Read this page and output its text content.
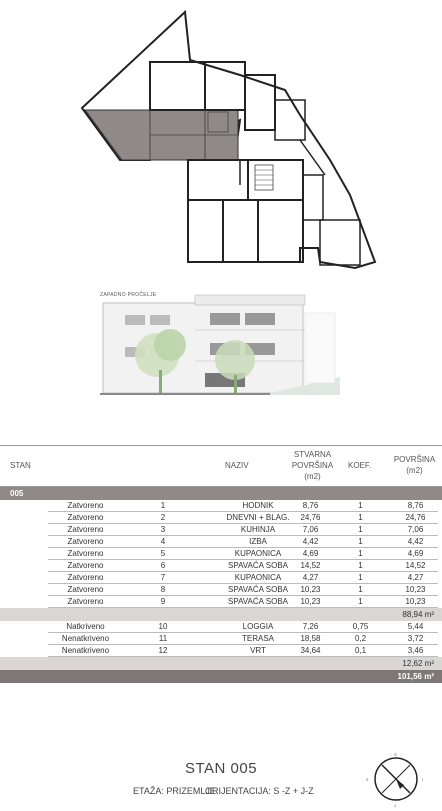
ZAPADNO PROČELJE
STAN	NAZIV
STVARNA
POVRŠINA
(m2)
KOEF.
POVRŠINA
(m2)
005
Zatvoreno	1	HODNIK	8,76	1	8,76
Zatvoreno	2	DNEVNI + BLAG.	24,76	1	24,76
Zatvoreno	3	KUHINJA	7,06	1	7,06
Zatvoreno	4	IZBA	4,42	1	4,42
Zatvoreno	5	KUPAONICA	4,69	1	4,69
Zatvoreno	6	SPAVAĆA SOBA	14,52	1	14,52
Zatvoreno	7	KUPAONICA	4,27	1	4,27
Zatvoreno	8	SPAVAĆA SOBA	10,23	1	10,23
Zatvoreno	9	SPAVAĆA SOBA	10,23	1	10,23
88,94 m²
Natkriveno	10	LOGGIA	7,26	0,75	5,44
Nenatkriveno	11	TERASA	18,58	0,2	3,72
Nenatkriveno	12	VRT	34,64	0,1	3,46
12,62 m²
101,56 m²
STAN 005
ETAŽA: PRIZEMLJE
ORIJENTACIJA: S -Z + J-Z
S
I
Z
J
